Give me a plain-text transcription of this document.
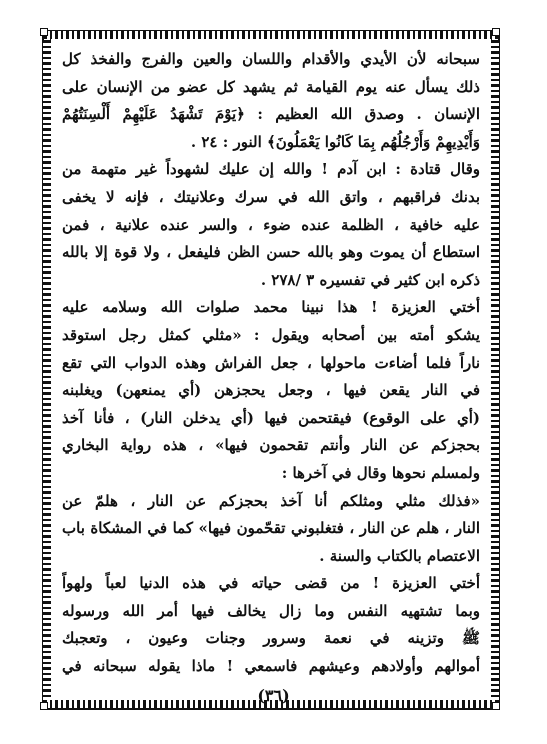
سبحانه لأن الأيدي والأقدام واللسان والعين والفرج والفخذ كل
ذلك يسأل عنه يوم القيامة ثم يشهد كل عضو من الإنسان على
الإنسان . وصدق الله العظيم : ﴿يَوْمَ تَشْهَدُ عَلَيْهِمْ أَلْسِنَتُهُمْ
وَأَيْدِيهِمْ وَأَرْجُلُهُم بِمَا كَانُوا يَعْمَلُونَ﴾ النور : ٢٤ .
وقال قتادة : ابن آدم ! والله إن عليك لشهوداً غير متهمة من
بدنك فراقبهم ، واتق الله في سرك وعلانيتك ، فإنه لا يخفى
عليه خافية ، الظلمة عنده ضوء ، والسر عنده علانية ، فمن
استطاع أن يموت وهو بالله حسن الظن فليفعل ، ولا قوة إلا بالله
ذكره ابن كثير في تفسيره ٣ /٢٧٨ .
أختي العزيزة ! هذا نبينا محمد صلوات الله وسلامه عليه
يشكو أمته بين أصحابه ويقول : «مثلي كمثل رجل استوقد
ناراً فلما أضاءت ماحولها ، جعل الفراش وهذه الدواب التي تقع
في النار يقعن فيها ، وجعل يحجزهن (أي يمنعهن) ويغلبنه
(أي على الوقوع) فيقتحمن فيها (أي يدخلن النار) ، فأنا آخذ
بحجزكم عن النار وأنتم تقحمون فيها» ، هذه رواية البخاري
ولمسلم نحوها وقال في آخرها :
«فذلك مثلي ومثلكم أنا آخذ بحجزكم عن النار ، هلمّ عن
النار ، هلم عن النار ، فتغلبوني تقحّمون فيها» كما في المشكاة باب
الاعتصام بالكتاب والسنة .
أختي العزيزة ! من قضى حياته في هذه الدنيا لعباً ولهواً
وبما تشتهيه النفس وما زال يخالف فيها أمر الله ورسوله
ﷺ وتزينه في نعمة وسرور وجنات وعيون ، وتعجبك
أموالهم وأولادهم وعيشهم فاسمعي ! ماذا يقوله سبحانه في
(٣٦)
